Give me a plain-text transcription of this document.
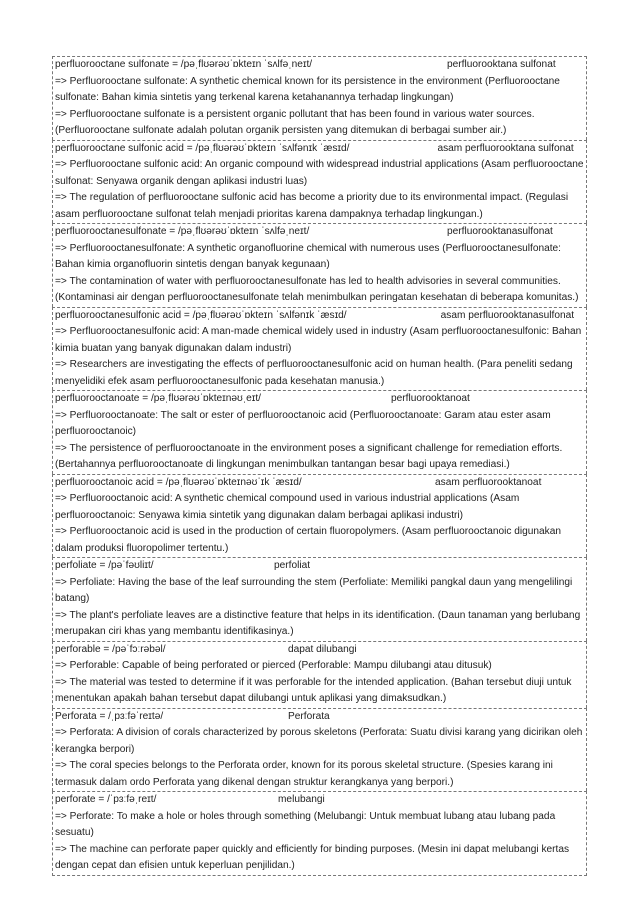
perfluorooctane sulfonate = /pəˌflʊərəʊˈɒkteɪn ˈsʌlfəˌneɪt/	perfluorooktana sulfonat
=> Perfluorooctane sulfonate: A synthetic chemical known for its persistence in the environment (Perfluorooctane sulfonate: Bahan kimia sintetis yang terkenal karena ketahanannya terhadap lingkungan)
=> Perfluorooctane sulfonate is a persistent organic pollutant that has been found in various water sources. (Perfluorooctane sulfonate adalah polutan organik persisten yang ditemukan di berbagai sumber air.)
perfluorooctane sulfonic acid = /pəˌflʊərəʊˈɒkteɪn ˈsʌlfənɪk ˈæsɪd/	asam perfluorooktana sulfonat
=> Perfluorooctane sulfonic acid: An organic compound with widespread industrial applications (Asam perfluorooctane sulfonat: Senyawa organik dengan aplikasi industri luas)
=> The regulation of perfluorooctane sulfonic acid has become a priority due to its environmental impact. (Regulasi asam perfluorooctane sulfonat telah menjadi prioritas karena dampaknya terhadap lingkungan.)
perfluorooctanesulfonate = /pəˌflʊərəʊˈɒkteɪn ˈsʌlfəˌneɪt/	perfluorooktanasulfonat
=> Perfluorooctanesulfonate: A synthetic organofluorine chemical with numerous uses (Perfluorooctanesulfonate: Bahan kimia organofluorin sintetis dengan banyak kegunaan)
=> The contamination of water with perfluorooctanesulfonate has led to health advisories in several communities. (Kontaminasi air dengan perfluorooctanesulfonate telah menimbulkan peringatan kesehatan di beberapa komunitas.)
perfluorooctanesulfonic acid = /pəˌflʊərəʊˈɒkteɪn ˈsʌlfənɪk ˈæsɪd/	asam perfluorooktanasulfonat
=> Perfluorooctanesulfonic acid: A man-made chemical widely used in industry (Asam perfluorooctanesulfonic: Bahan kimia buatan yang banyak digunakan dalam industri)
=> Researchers are investigating the effects of perfluorooctanesulfonic acid on human health. (Para peneliti sedang menyelidiki efek asam perfluorooctanesulfonic pada kesehatan manusia.)
perfluorooctanoate = /pəˌflʊərəʊˈɒkteɪnəʊˌeɪt/	perfluorooktanoat
=> Perfluorooctanoate: The salt or ester of perfluorooctanoic acid (Perfluorooctanoate: Garam atau ester asam perfluorooctanoic)
=> The persistence of perfluorooctanoate in the environment poses a significant challenge for remediation efforts. (Bertahannya perfluorooctanoate di lingkungan menimbulkan tantangan besar bagi upaya remediasi.)
perfluorooctanoic acid = /pəˌflʊərəʊˈɒkteɪnəʊˈɪk ˈæsɪd/	asam perfluorooktanoat
=> Perfluorooctanoic acid: A synthetic chemical compound used in various industrial applications (Asam perfluorooctanoic: Senyawa kimia sintetik yang digunakan dalam berbagai aplikasi industri)
=> Perfluorooctanoic acid is used in the production of certain fluoropolymers. (Asam perfluorooctanoic digunakan dalam produksi fluoropolimer tertentu.)
perfoliate = /pəˈfəʊliɪt/	perfoliat
=> Perfoliate: Having the base of the leaf surrounding the stem (Perfoliate: Memiliki pangkal daun yang mengelilingi batang)
=> The plant's perfoliate leaves are a distinctive feature that helps in its identification. (Daun tanaman yang berlubang merupakan ciri khas yang membantu identifikasinya.)
perforable = /pəˈfɔːrəbəl/	dapat dilubangi
=> Perforable: Capable of being perforated or pierced (Perforable: Mampu dilubangi atau ditusuk)
=> The material was tested to determine if it was perforable for the intended application. (Bahan tersebut diuji untuk menentukan apakah bahan tersebut dapat dilubangi untuk aplikasi yang dimaksudkan.)
Perforata = /ˌpɜːfəˈreɪtə/	Perforata
=> Perforata: A division of corals characterized by porous skeletons (Perforata: Suatu divisi karang yang dicirikan oleh kerangka berpori)
=> The coral species belongs to the Perforata order, known for its porous skeletal structure. (Spesies karang ini termasuk dalam ordo Perforata yang dikenal dengan struktur kerangkanya yang berpori.)
perforate = /ˈpɜːfəˌreɪt/	melubangi
=> Perforate: To make a hole or holes through something (Melubangi: Untuk membuat lubang atau lubang pada sesuatu)
=> The machine can perforate paper quickly and efficiently for binding purposes. (Mesin ini dapat melubangi kertas dengan cepat dan efisien untuk keperluan penjilidan.)
